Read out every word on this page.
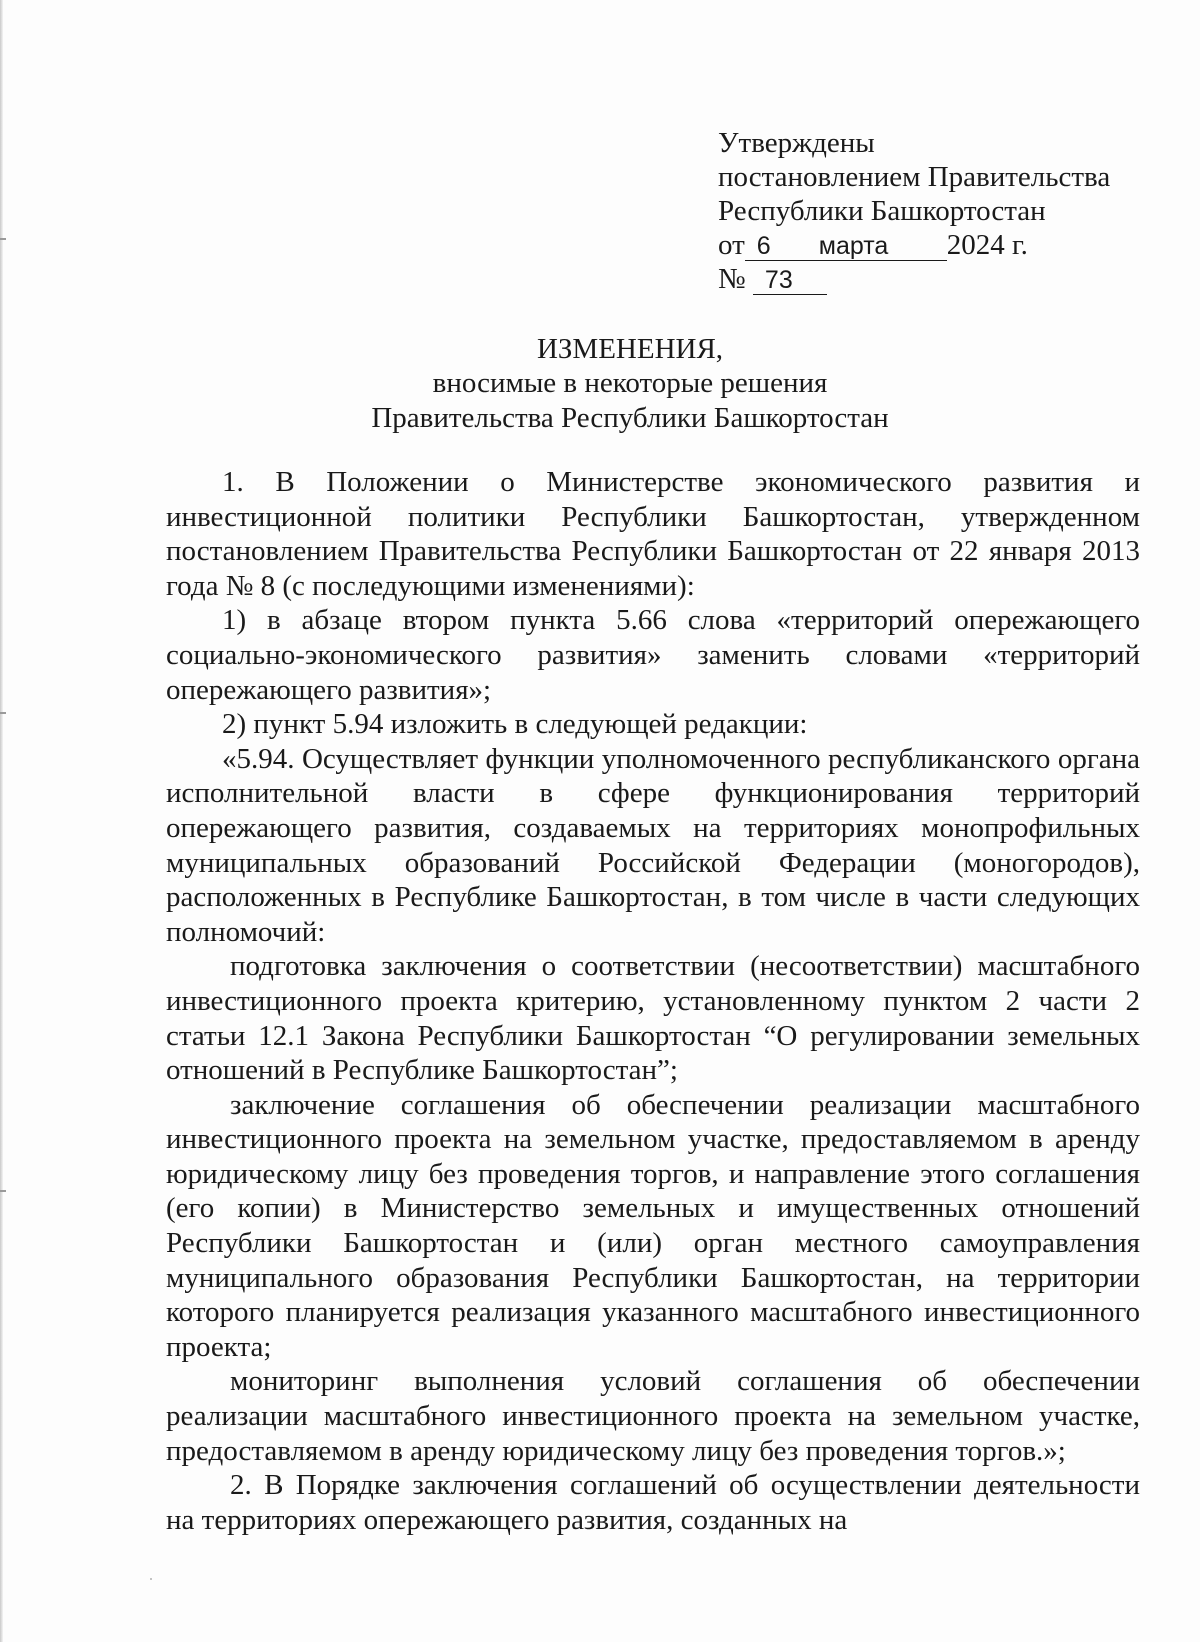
Утверждены
постановлением Правительства
Республики Башкортостан
от 6 марта 2024 г.
№ 73
ИЗМЕНЕНИЯ,
вносимые в некоторые решения
Правительства Республики Башкортостан

1. В Положении о Министерстве экономического развития и инвестиционной политики Республики Башкортостан, утвержденном постановлением Правительства Республики Башкортостан от 22 января 2013 года № 8 (с последующими изменениями):

1) в абзаце втором пункта 5.66 слова «территорий опережающего социально-экономического развития» заменить словами «территорий опережающего развития»;

2) пункт 5.94 изложить в следующей редакции:

«5.94. Осуществляет функции уполномоченного республиканского органа исполнительной власти в сфере функционирования территорий опережающего развития, создаваемых на территориях монопрофильных муниципальных образований Российской Федерации (моногородов), расположенных в Республике Башкортостан, в том числе в части следующих полномочий:

подготовка заключения о соответствии (несоответствии) масштабного инвестиционного проекта критерию, установленному пунктом 2 части 2 статьи 12.1 Закона Республики Башкортостан “О регулировании земельных отношений в Республике Башкортостан”;

заключение соглашения об обеспечении реализации масштабного инвестиционного проекта на земельном участке, предоставляемом в аренду юридическому лицу без проведения торгов, и направление этого соглашения (его копии) в Министерство земельных и имущественных отношений Республики Башкортостан и (или) орган местного самоуправления муниципального образования Республики Башкортостан, на территории которого планируется реализация указанного масштабного инвестиционного проекта;

мониторинг выполнения условий соглашения об обеспечении реализации масштабного инвестиционного проекта на земельном участке, предоставляемом в аренду юридическому лицу без проведения торгов.»;

2. В Порядке заключения соглашений об осуществлении деятельности на территориях опережающего развития, созданных на
